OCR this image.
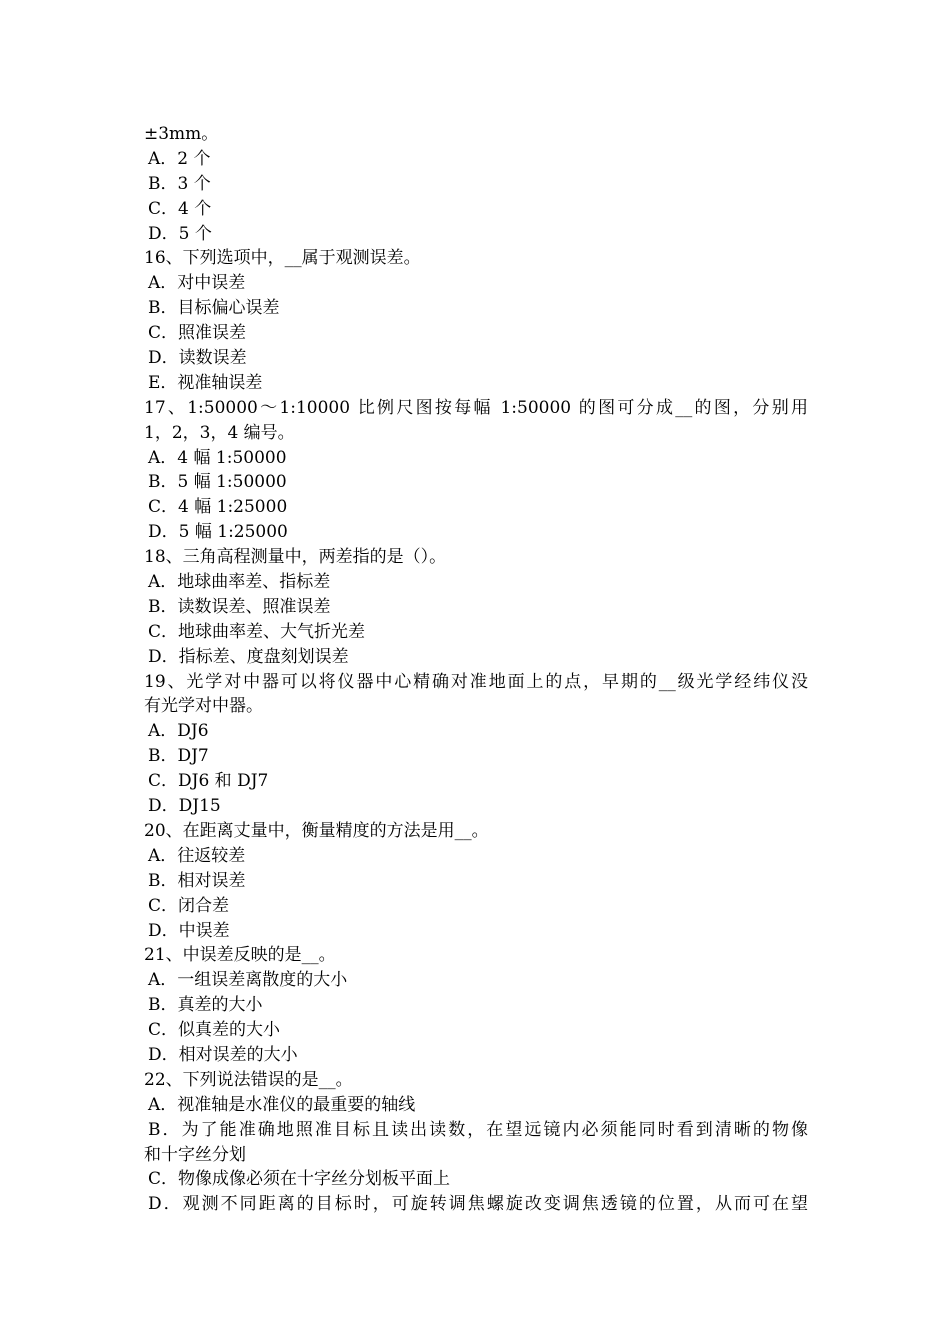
±3mm。
A．2 个
B．3 个
C．4 个
D．5 个
16、下列选项中，__属于观测误差。
A．对中误差
B．目标偏心误差
C．照准误差
D．读数误差
E．视准轴误差
17、1:50000～1:10000 比例尺图按每幅 1:50000 的图可分成__的图，分别用
1，2，3，4 编号。
A．4 幅 1:50000
B．5 幅 1:50000
C．4 幅 1:25000
D．5 幅 1:25000
18、三角高程测量中，两差指的是（）。
A．地球曲率差、指标差
B．读数误差、照准误差
C．地球曲率差、大气折光差
D．指标差、度盘刻划误差
19、光学对中器可以将仪器中心精确对准地面上的点，早期的__级光学经纬仪没
有光学对中器。
A．DJ6
B．DJ7
C．DJ6 和 DJ7
D．DJ15
20、在距离丈量中，衡量精度的方法是用__。
A．往返较差
B．相对误差
C．闭合差
D．中误差
21、中误差反映的是__。
A．一组误差离散度的大小
B．真差的大小
C．似真差的大小
D．相对误差的大小
22、下列说法错误的是__。
A．视准轴是水准仪的最重要的轴线
B．为了能准确地照准目标且读出读数，在望远镜内必须能同时看到清晰的物像
和十字丝分划
C．物像成像必须在十字丝分划板平面上
D．观测不同距离的目标时，可旋转调焦螺旋改变调焦透镜的位置，从而可在望
